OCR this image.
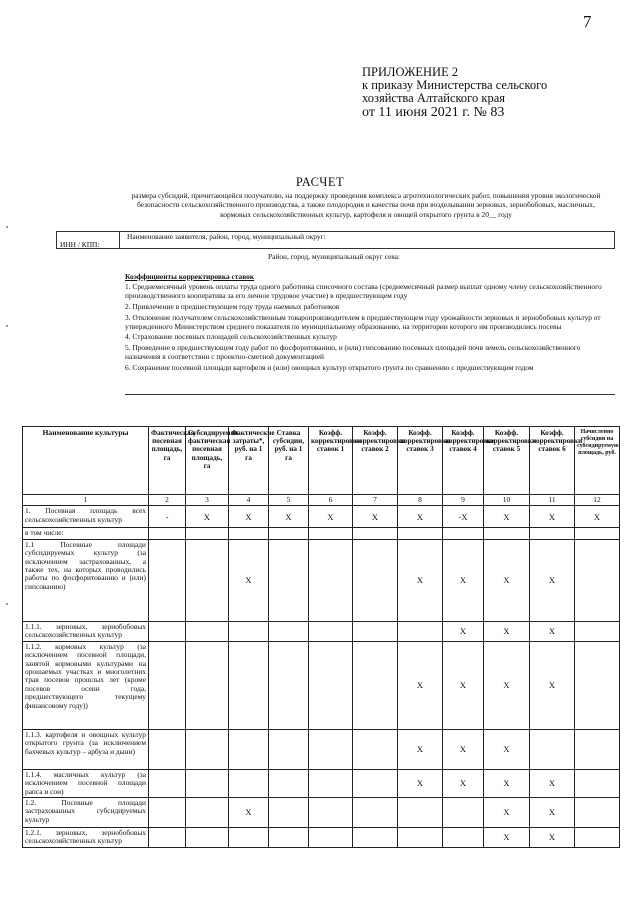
7
ПРИЛОЖЕНИЕ 2
к приказу Министерства сельского
хозяйства Алтайского края
от 11 июня 2021 г. № 83
РАСЧЕТ
размера субсидий, причитающейся получателю, на поддержку проведения комплекса агротехнологических работ, повышения уровня экологической безопасности сельскохозяйственного производства, а также плодородия и качества почв при возделывании зерновых, зернобобовых, масличных, кормовых сельскохозяйственных культур, картофеля и овощей открытого грунта в 20__ году
ИНН / КПП:
Наименование заявителя, район, город, муниципальный округ:
Район, город, муниципальный округ сева:
Коэффициенты корректировка ставок

1. Среднемесячный уровень оплаты труда одного работника списочного состава (среднемесячный размер выплат одному члену сельскохозяйственного производственного кооператива за его личное трудовое участие) в предшествующем году

2. Привлечение в предшествующем году труда наемных работников

3. Отклонение получателем сельскохозяйственным товаропроизводителем в предшествующем году урожайности зерновых и зернобобовых культур от утвержденного Министерством среднего показателя по муниципальному образованию, на территории которого им производились посевы

4. Страхование посевных площадей сельскохозяйственных культур

5. Проведение в предшествующем году работ по фосфоритованию, и (или) гипсованию посевных площадей почв земель сельскохозяйственного назначения в соответствии с проектно-сметной документацией

6. Сохранение посевной площади картофеля и (или) овощных культур открытого грунта по сравнению с предшествующим годом

Наименование культуры	Фактическая посевная площадь, га	Субсидируемая фактическая посевная площадь, га	Фактические затраты*, руб. на 1 га	Ставка субсидии, руб. на 1 га	Коэфф. корректировки ставок 1	Коэфф. корректировки ставок 2	Коэфф. корректировки ставок 3	Коэфф. корректировки ставок 4	Коэфф. корректировки ставок 5	Коэфф. корректировки ставок 6	Начисленно субсидии на субсидируемую площадь, руб.
1	2	3	4	5	6	7	8	9	10	11	12
1. Посевная площадь всех сельскохозяйственных культур	-	X	X	X	X	X	X	-X	X	X	X
в том числе:											
1.1 Посевные площади субсидируемых культур (за исключением застрахованных, а также тех, на которых проводились работы по фосфоритованию и (или) гипсованию)			X				X	X	X	X	
1.1.1. зерновых, зернобобовых сельскохозяйственных культур								X	X	X	
1.1.2. кормовых культур (за исключением посевной площади, занятой кормовыми культурами на орошаемых участках и многолетних трав посевов прошлых лет (кроме посевов осени года, предшествующего текущему финансовому году))							X	X	X	X	
1.1.3. картофеля и овощных культур открытого грунта (за исключением бахчевых культур – арбуза и дыни)							X	X	X		
1.1.4. масличных культур (за исключением посевной площади рапса и сои)							X	X	X	X	
1.2. Посевные площади застрахованных субсидируемых культур			X						X	X	
1.2.1. зерновых, зернобобовых сельскохозяйственных культур									X	X	
